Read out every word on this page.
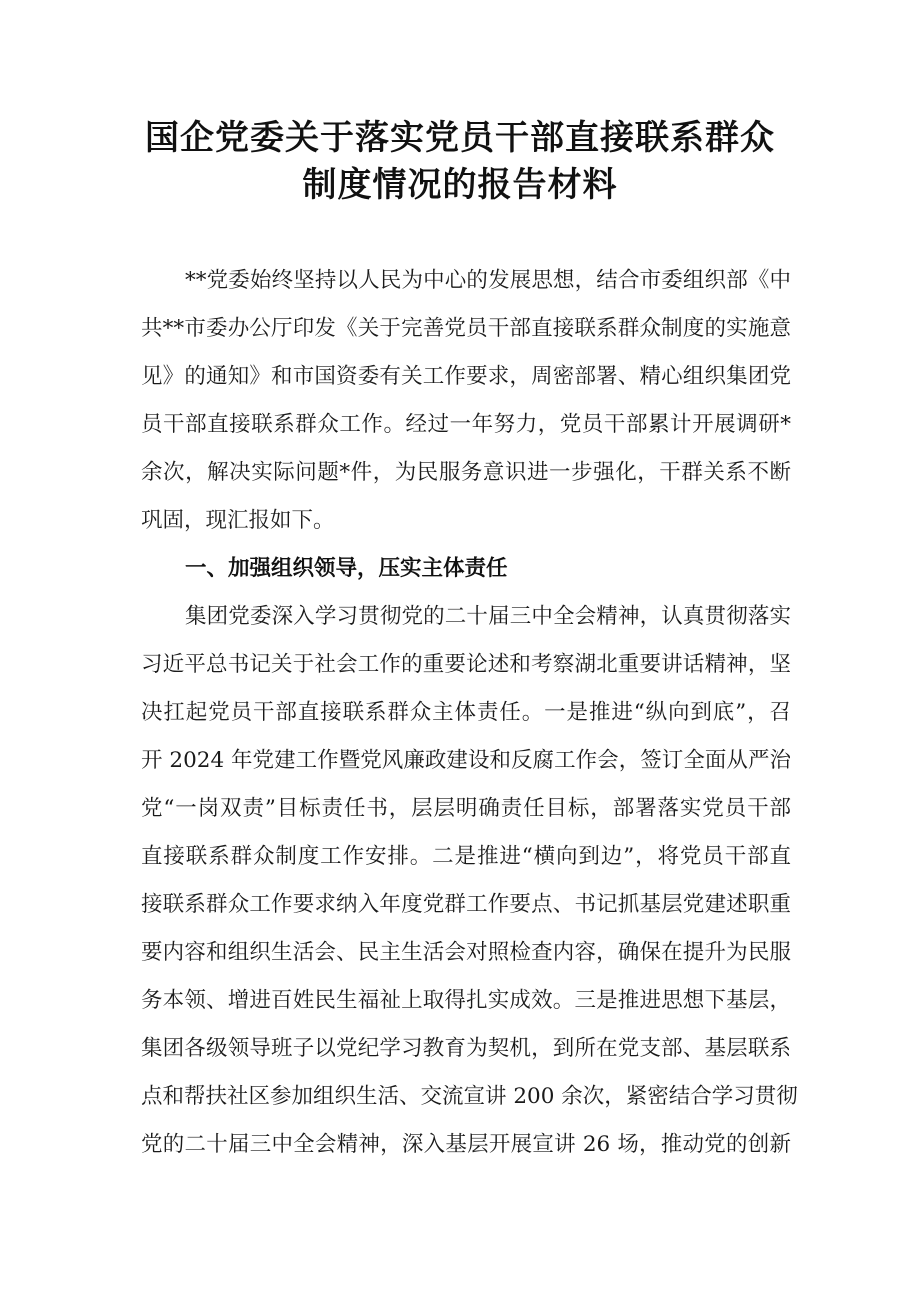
国企党委关于落实党员干部直接联系群众
制度情况的报告材料
**党委始终坚持以人民为中心的发展思想，结合市委组织部《中
共**市委办公厅印发《关于完善党员干部直接联系群众制度的实施意
见》的通知》和市国资委有关工作要求，周密部署、精心组织集团党
员干部直接联系群众工作。经过一年努力，党员干部累计开展调研*
余次，解决实际问题*件，为民服务意识进一步强化，干群关系不断
巩固，现汇报如下。
一、加强组织领导，压实主体责任
集团党委深入学习贯彻党的二十届三中全会精神，认真贯彻落实
习近平总书记关于社会工作的重要论述和考察湖北重要讲话精神，坚
决扛起党员干部直接联系群众主体责任。一是推进“纵向到底”，召
开 2024 年党建工作暨党风廉政建设和反腐工作会，签订全面从严治
党“一岗双责”目标责任书，层层明确责任目标，部署落实党员干部
直接联系群众制度工作安排。二是推进“横向到边”，将党员干部直
接联系群众工作要求纳入年度党群工作要点、书记抓基层党建述职重
要内容和组织生活会、民主生活会对照检查内容，确保在提升为民服
务本领、增进百姓民生福祉上取得扎实成效。三是推进思想下基层，
集团各级领导班子以党纪学习教育为契机，到所在党支部、基层联系
点和帮扶社区参加组织生活、交流宣讲 200 余次，紧密结合学习贯彻
党的二十届三中全会精神，深入基层开展宣讲 26 场，推动党的创新
